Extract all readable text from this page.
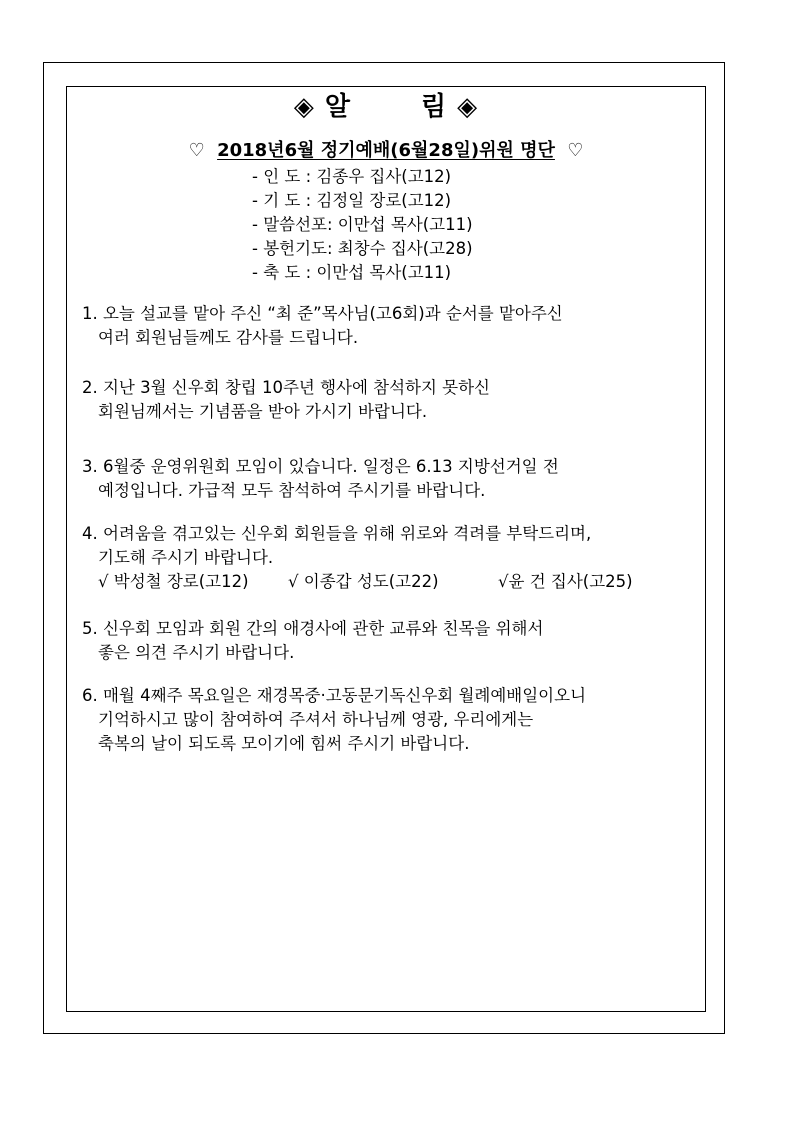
◈ 알	림 ◈
♡ 2018년6월 정기예배(6월28일)위원 명단 ♡
- 인 도 : 김종우 집사(고12)
- 기 도 : 김정일 장로(고12)
- 말씀선포: 이만섭 목사(고11)
- 봉헌기도: 최창수 집사(고28)
- 축 도 : 이만섭 목사(고11)
1. 오늘 설교를 맡아 주신 “최 준”목사님(고6회)과 순서를 맡아주신
여러 회원님들께도 감사를 드립니다.
2. 지난 3월 신우회 창립 10주년 행사에 참석하지 못하신
회원님께서는 기념품을 받아 가시기 바랍니다.
3. 6월중 운영위원회 모임이 있습니다. 일정은 6.13 지방선거일 전
예정입니다. 가급적 모두 참석하여 주시기를 바랍니다.
4. 어려움을 겪고있는 신우회 회원들을 위해 위로와 격려를 부탁드리며,
기도해 주시기 바랍니다.
√ 박성철 장로(고12) √ 이종갑 성도(고22)	√윤 건 집사(고25)
5. 신우회 모임과 회원 간의 애경사에 관한 교류와 친목을 위해서
좋은 의견 주시기 바랍니다.
6. 매월 4째주 목요일은 재경목중·고동문기독신우회 월례예배일이오니
기억하시고 많이 참여하여 주셔서 하나님께 영광, 우리에게는
축복의 날이 되도록 모이기에 힘써 주시기 바랍니다.
